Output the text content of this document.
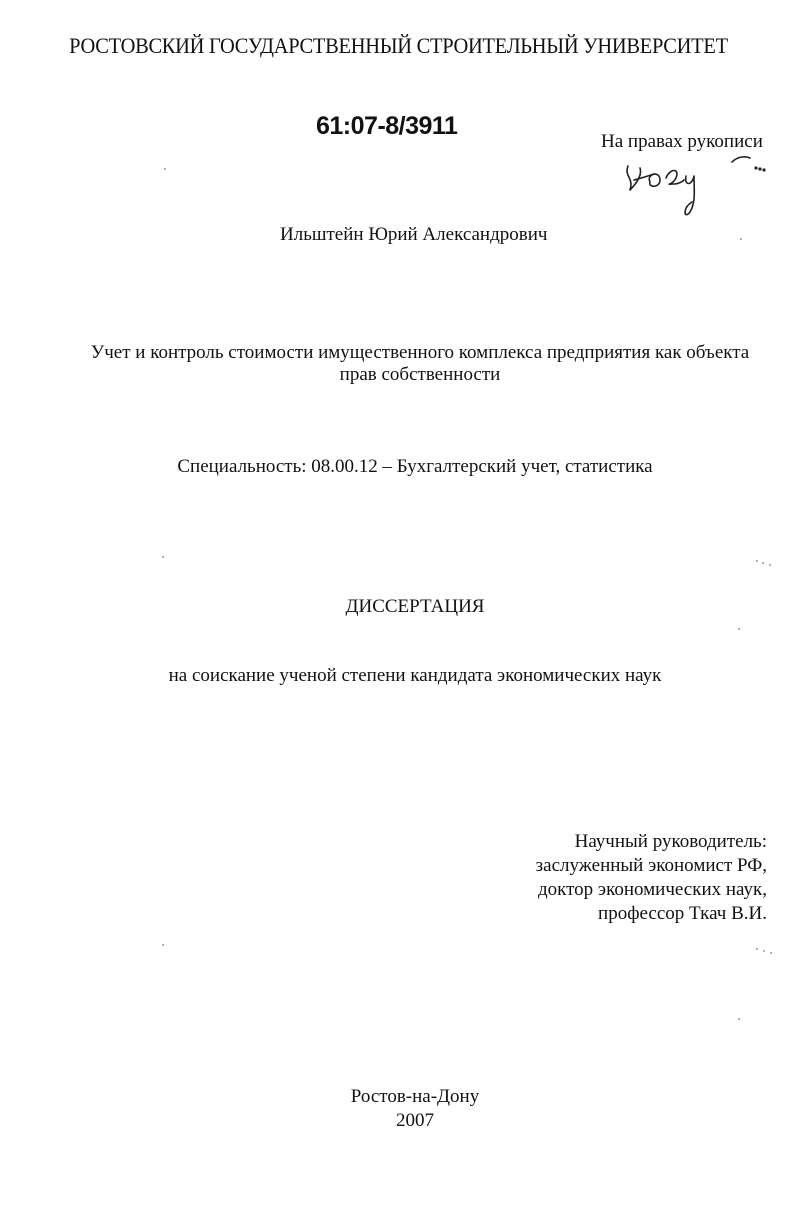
РОСТОВСКИЙ ГОСУДАРСТВЕННЫЙ СТРОИТЕЛЬНЫЙ УНИВЕРСИТЕТ
61:07-8/3911
На правах рукописи
Ильштейн Юрий Александрович
Учет и контроль стоимости имущественного комплекса предприятия как объекта
прав собственности
Специальность: 08.00.12 – Бухгалтерский учет, статистика
ДИССЕРТАЦИЯ
на соискание ученой степени кандидата экономических наук
Научный руководитель:
заслуженный экономист РФ,
доктор экономических наук,
профессор Ткач В.И.
Ростов-на-Дону
2007
